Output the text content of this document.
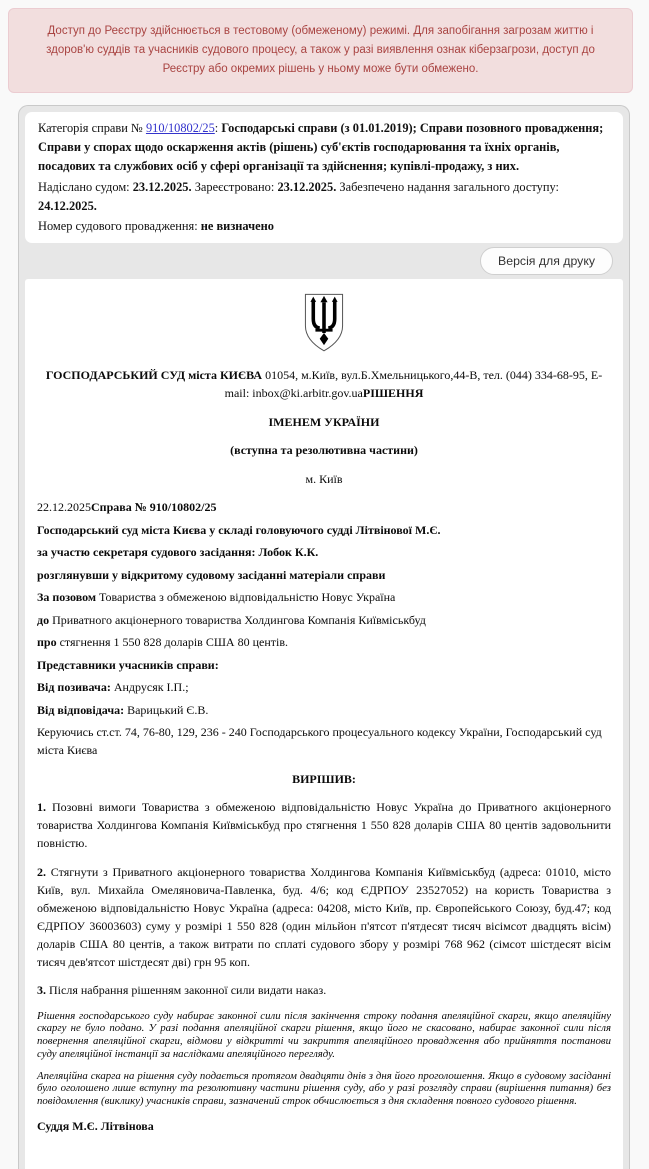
Доступ до Реєстру здійснюється в тестовому (обмеженому) режимі. Для запобігання загрозам життю і здоров'ю суддів та учасників судового процесу, а також у разі виявлення ознак кіберзагрози, доступ до Реєстру або окремих рішень у ньому може бути обмежено.

Категорія справи № 910/10802/25: Господарські справи (з 01.01.2019); Справи позовного провадження; Справи у спорах щодо оскарження актів (рішень) суб'єктів господарювання та їхніх органів, посадових та службових осіб у сфері організації та здійснення; купівлі-продажу, з них.

Надіслано судом: 23.12.2025. Зареєстровано: 23.12.2025. Забезпечено надання загального доступу: 24.12.2025.

Номер судового провадження: не визначено

Версія для друку

ГОСПОДАРСЬКИЙ СУД міста КИЄВА 01054, м.Київ, вул.Б.Хмельницького,44-В, тел. (044) 334-68-95, E-mail: inbox@ki.arbitr.gov.uaРІШЕННЯ

ІМЕНЕМ УКРАЇНИ

(вступна та резолютивна частини)

м. Київ

22.12.2025Справа № 910/10802/25

Господарський суд міста Києва у складі головуючого судді Літвінової М.Є.

за участю секретаря судового засідання: Лобок К.К.

розглянувши у відкритому судовому засіданні матеріали справи

За позовом Товариства з обмеженою відповідальністю Новус Україна

до Приватного акціонерного товариства Холдингова Компанія Київміськбуд

про стягнення 1 550 828 доларів США 80 центів.

Представники учасників справи:

Від позивача: Андрусяк І.П.;

Від відповідача: Варицький Є.В.

Керуючись ст.ст. 74, 76-80, 129, 236 - 240 Господарського процесуального кодексу України, Господарський суд міста Києва

ВИРІШИВ:

1. Позовні вимоги Товариства з обмеженою відповідальністю Новус Україна до Приватного акціонерного товариства Холдингова Компанія Київміськбуд про стягнення 1 550 828 доларів США 80 центів задовольнити повністю.

2. Стягнути з Приватного акціонерного товариства Холдингова Компанія Київміськбуд (адреса: 01010, місто Київ, вул. Михайла Омеляновича-Павленка, буд. 4/6; код ЄДРПОУ 23527052) на користь Товариства з обмеженою відповідальністю Новус Україна (адреса: 04208, місто Київ, пр. Європейського Союзу, буд.47; код ЄДРПОУ 36003603) суму у розмірі 1 550 828 (один мільйон п'ятсот п'ятдесят тисяч вісімсот двадцять вісім) доларів США 80 центів, а також витрати по сплаті судового збору у розмірі 768 962 (сімсот шістдесят вісім тисяч дев'ятсот шістдесят дві) грн 95 коп.

3. Після набрання рішенням законної сили видати наказ.

Рішення господарського суду набирає законної сили після закінчення строку подання апеляційної скарги, якщо апеляційну скаргу не було подано. У разі подання апеляційної скарги рішення, якщо його не скасовано, набирає законної сили після повернення апеляційної скарги, відмови у відкритті чи закриття апеляційного провадження або прийняття постанови суду апеляційної інстанції за наслідками апеляційного перегляду.

Апеляційна скарга на рішення суду подається протягом двадцяти днів з дня його проголошення. Якщо в судовому засіданні було оголошено лише вступну та резолютивну частини рішення суду, або у разі розгляду справи (вирішення питання) без повідомлення (виклику) учасників справи, зазначений строк обчислюється з дня складення повного судового рішення.

Суддя М.Є. Літвінова
